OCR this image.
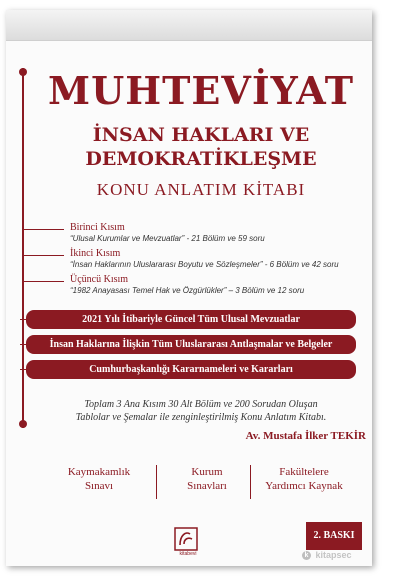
MUHTEVİYAT
İNSAN HAKLARI VE
DEMOKRATİKLEŞME
KONU ANLATIM KİTABI
Birinci Kısım
“Ulusal Kurumlar ve Mevzuatlar” - 21 Bölüm ve 59 soru
İkinci Kısım
“İnsan Haklarının Uluslararası Boyutu ve Sözleşmeler” - 6 Bölüm ve 42 soru
Üçüncü Kısım
“1982 Anayasası Temel Hak ve Özgürlükler” – 3 Bölüm ve 12 soru
2021 Yılı İtibariyle Güncel Tüm Ulusal Mevzuatlar
İnsan Haklarına İlişkin Tüm Uluslararası Antlaşmalar ve Belgeler
Cumhurbaşkanlığı Kararnameleri ve Kararları
Toplam 3 Ana Kısım 30 Alt Bölüm ve 200 Sorudan Oluşan
Tablolar ve Şemalar ile zenginleştirilmiş Konu Anlatım Kitabı.
Av. Mustafa İlker TEKİR
Kaymakamlık
Sınavı
Kurum
Sınavları
Fakültelere
Yardımcı Kaynak
kitabevi
2. BASKI
k kitapsec
